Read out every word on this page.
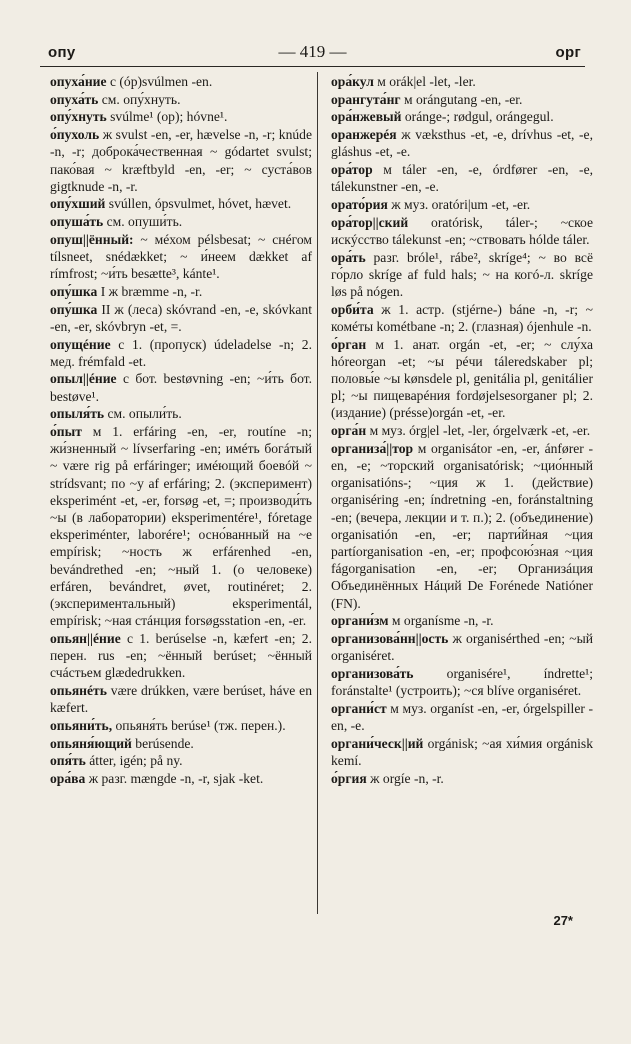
опу	— 419 —	орг

опуха́ние с (óp)svúlmen -en.

опуха́ть см. опу́хнуть.

опу́хнуть svúlme¹ (op); hóvne¹.

о́пухоль ж svulst -en, -er, hævelse -n, -r; knúde -n, -r; доброка́чественная ~ gódartet svulst; пако́вая ~ kræftbyld -en, -er; ~ суста́вов gigtknude -n, -r.

опу́хший svúllen, ópsvulmet, hóvet, hævet.

опуша́ть см. опуши́ть.

опуш||ённый: ~ мéхом pélsbesat; ~ снéгом tílsneet, snédækket; ~ и́неем dækket af rímfrost; ~и́ть besætte³, kánte¹.

опу́шка I ж bræmme -n, -r.

опу́шка II ж (леса) skóvrand -en, -e, skóvkant -en, -er, skóvbryn -et, =.

опущéние с 1. (пропуск) údeladelse -n; 2. мед. frémfald -et.

опыл||éние с бот. bestøvning -en; ~и́ть бот. bestøve¹.

опыля́ть см. опыли́ть.

о́пыт м 1. erfáring -en, -er, routíne -n; жи́зненный ~ lívserfaring -en; имéть богáтый ~ være rig på erfáringer; имéющий боевóй ~ strídsvant; по ~у af erfáring; 2. (эксперимент) eksperimént -et, -er, forsøg -et, =; производи́ть ~ы (в лаборатории) eksperimentére¹, fóretage eksperiménter, laborére¹; осно́ванный на ~е empírisk; ~ность ж erfárenhed -en, bevándrethed -en; ~ный 1. (о человеке) erfáren, bevándret, øvet, routinéret; 2. (экспериментальный) eksperimentál, empírisk; ~ная стáнция forsøgsstation -en, -er.

опьян||éние с 1. berúselse -n, kæfert -en; 2. перен. rus -en; ~ённый berúset; ~ённый счáстьем glædedrukken.

опьянéть være drúkken, være berúset, háve en kæfert.

опьяни́ть, опьяня́ть berúse¹ (тж. перен.).

опьяня́ющий berúsende.

опя́ть átter, igén; på ny.

ора́ва ж разг. mængde -n, -r, sjak -ket.

ора́кул м orák|el -let, -ler.

орангута́нг м orángutang -en, -er.

ора́нжевый oránge-; rødgul, orángegul.

оранжерéя ж væksthus -et, -e, drívhus -et, -e, gláshus -et, -e.

ора́тор м táler -en, -e, órdfører -en, -e, tálekunstner -en, -e.

орато́рия ж муз. oratóri|um -et, -er.

ора́тор||ский oratórisk, táler-; ~ское искýсство tálekunst -en; ~ствовать hólde táler.

ора́ть разг. bróle¹, rábe², skríge⁴; ~ во всё го́рло skríge af fuld hals; ~ на когó-л. skríge løs på nógen.

орби́та ж 1. астр. (stjérne-) báne -n, -r; ~ комéты kométbane -n; 2. (глазная) ójenhule -n.

о́рган м 1. анат. orgán -et, -er; ~ слу́ха hóreorgan -et; ~ы рéчи táleredskaber pl; половы́е ~ы kønsdele pl, genitália pl, genitálier pl; ~ы пищеварéния fordøjelsesorganer pl; 2. (издание) (présse)orgán -et, -er.

орга́н м муз. órg|el -let, -ler, órgelværk -et, -er.

организа́||тор м organisátor -en, -er, ánfører -en, -e; ~торский organisatórisk; ~цио́нный organisatións-; ~ция ж 1. (действие) organiséring -en; índretning -en, foránstaltning -en; (вечера, лекции и т. п.); 2. (объединение) organisatión -en, -er; парти́йная ~ция partíorganisation -en, -er; профсою́зная ~ция fágorganisation -en, -er; Организáция Объединённых Нáций De Forénede Natióner (FN).

органи́зм м organísme -n, -r.

организова́нн||ость ж organisérthed -en; ~ый organiséret.

организова́ть organisére¹, índrette¹; foránstalte¹ (устроить); ~ся blíve organiséret.

органи́ст м муз. organíst -en, -er, órgelspiller -en, -e.

органи́ческ||ий orgánisk; ~ая хи́мия orgánisk kemí.

о́ргия ж orgíe -n, -r.

27*
